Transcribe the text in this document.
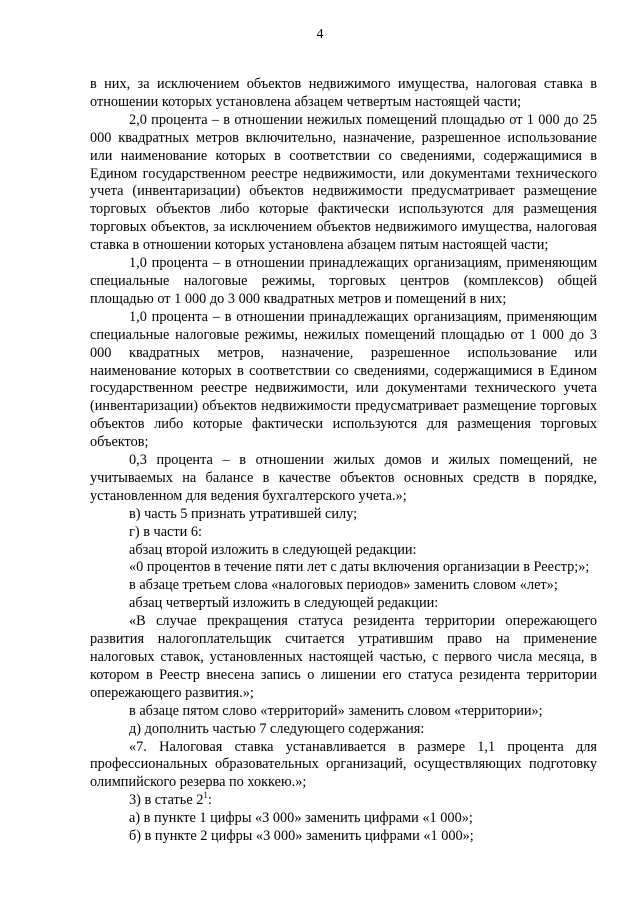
4

в них, за исключением объектов недвижимого имущества, налоговая ставка в отношении которых установлена абзацем четвертым настоящей части;

2,0 процента – в отношении нежилых помещений площадью от 1 000 до 25 000 квадратных метров включительно, назначение, разрешенное использование или наименование которых в соответствии со сведениями, содержащимися в Едином государственном реестре недвижимости, или документами технического учета (инвентаризации) объектов недвижимости предусматривает размещение торговых объектов либо которые фактически используются для размещения торговых объектов, за исключением объектов недвижимого имущества, налоговая ставка в отношении которых установлена абзацем пятым настоящей части;

1,0 процента – в отношении принадлежащих организациям, применяющим специальные налоговые режимы, торговых центров (комплексов) общей площадью от 1 000 до 3 000 квадратных метров и помещений в них;

1,0 процента – в отношении принадлежащих организациям, применяющим специальные налоговые режимы, нежилых помещений площадью от 1 000 до 3 000 квадратных метров, назначение, разрешенное использование или наименование которых в соответствии со сведениями, содержащимися в Едином государственном реестре недвижимости, или документами технического учета (инвентаризации) объектов недвижимости предусматривает размещение торговых объектов либо которые фактически используются для размещения торговых объектов;

0,3 процента – в отношении жилых домов и жилых помещений, не учитываемых на балансе в качестве объектов основных средств в порядке, установленном для ведения бухгалтерского учета.»;

в) часть 5 признать утратившей силу;

г) в части 6:

абзац второй изложить в следующей редакции:

«0 процентов в течение пяти лет с даты включения организации в Реестр;»;

в абзаце третьем слова «налоговых периодов» заменить словом «лет»;

абзац четвертый изложить в следующей редакции:

«В случае прекращения статуса резидента территории опережающего развития налогоплательщик считается утратившим право на применение налоговых ставок, установленных настоящей частью, с первого числа месяца, в котором в Реестр внесена запись о лишении его статуса резидента территории опережающего развития.»;

в абзаце пятом слово «территорий» заменить словом «территории»;

д) дополнить частью 7 следующего содержания:

«7. Налоговая ставка устанавливается в размере 1,1 процента для профессиональных образовательных организаций, осуществляющих подготовку олимпийского резерва по хоккею.»;

3) в статье $2^1$:

а) в пункте 1 цифры «3 000» заменить цифрами «1 000»;

б) в пункте 2 цифры «3 000» заменить цифрами «1 000»;
